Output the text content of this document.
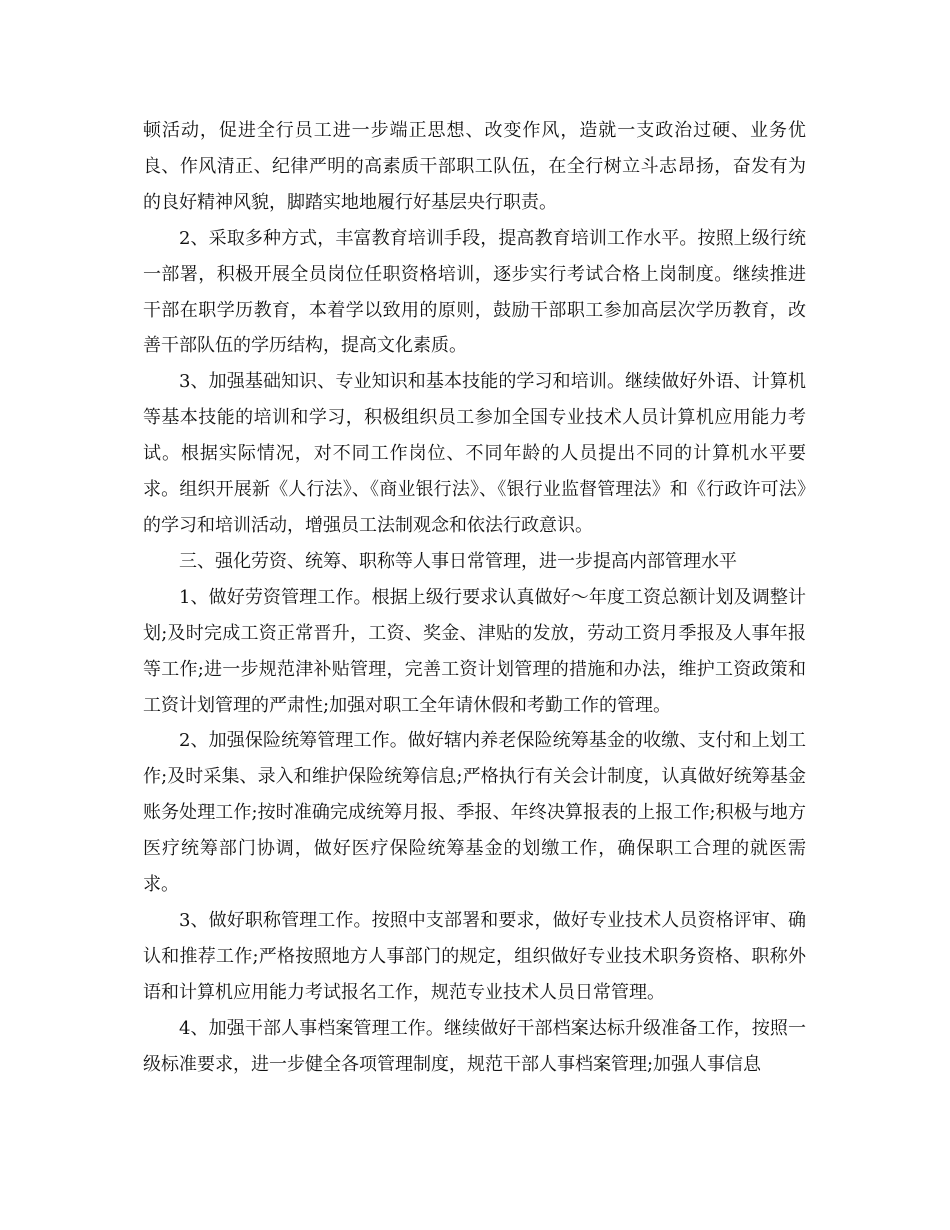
顿活动，促进全行员工进一步端正思想、改变作风，造就一支政治过硬、业务优良、作风清正、纪律严明的高素质干部职工队伍，在全行树立斗志昂扬，奋发有为的良好精神风貌，脚踏实地地履行好基层央行职责。

2、采取多种方式，丰富教育培训手段，提高教育培训工作水平。按照上级行统一部署，积极开展全员岗位任职资格培训，逐步实行考试合格上岗制度。继续推进干部在职学历教育，本着学以致用的原则，鼓励干部职工参加高层次学历教育，改善干部队伍的学历结构，提高文化素质。

3、加强基础知识、专业知识和基本技能的学习和培训。继续做好外语、计算机等基本技能的培训和学习，积极组织员工参加全国专业技术人员计算机应用能力考试。根据实际情况，对不同工作岗位、不同年龄的人员提出不同的计算机水平要求。组织开展新《人行法》、《商业银行法》、《银行业监督管理法》和《行政许可法》的学习和培训活动，增强员工法制观念和依法行政意识。

三、强化劳资、统筹、职称等人事日常管理，进一步提高内部管理水平

1、做好劳资管理工作。根据上级行要求认真做好～年度工资总额计划及调整计划;及时完成工资正常晋升，工资、奖金、津贴的发放，劳动工资月季报及人事年报等工作;进一步规范津补贴管理，完善工资计划管理的措施和办法，维护工资政策和工资计划管理的严肃性;加强对职工全年请休假和考勤工作的管理。

2、加强保险统筹管理工作。做好辖内养老保险统筹基金的收缴、支付和上划工作;及时采集、录入和维护保险统筹信息;严格执行有关会计制度，认真做好统筹基金账务处理工作;按时准确完成统筹月报、季报、年终决算报表的上报工作;积极与地方医疗统筹部门协调，做好医疗保险统筹基金的划缴工作，确保职工合理的就医需求。

3、做好职称管理工作。按照中支部署和要求，做好专业技术人员资格评审、确认和推荐工作;严格按照地方人事部门的规定，组织做好专业技术职务资格、职称外语和计算机应用能力考试报名工作，规范专业技术人员日常管理。

4、加强干部人事档案管理工作。继续做好干部档案达标升级准备工作，按照一级标准要求，进一步健全各项管理制度，规范干部人事档案管理;加强人事信息
